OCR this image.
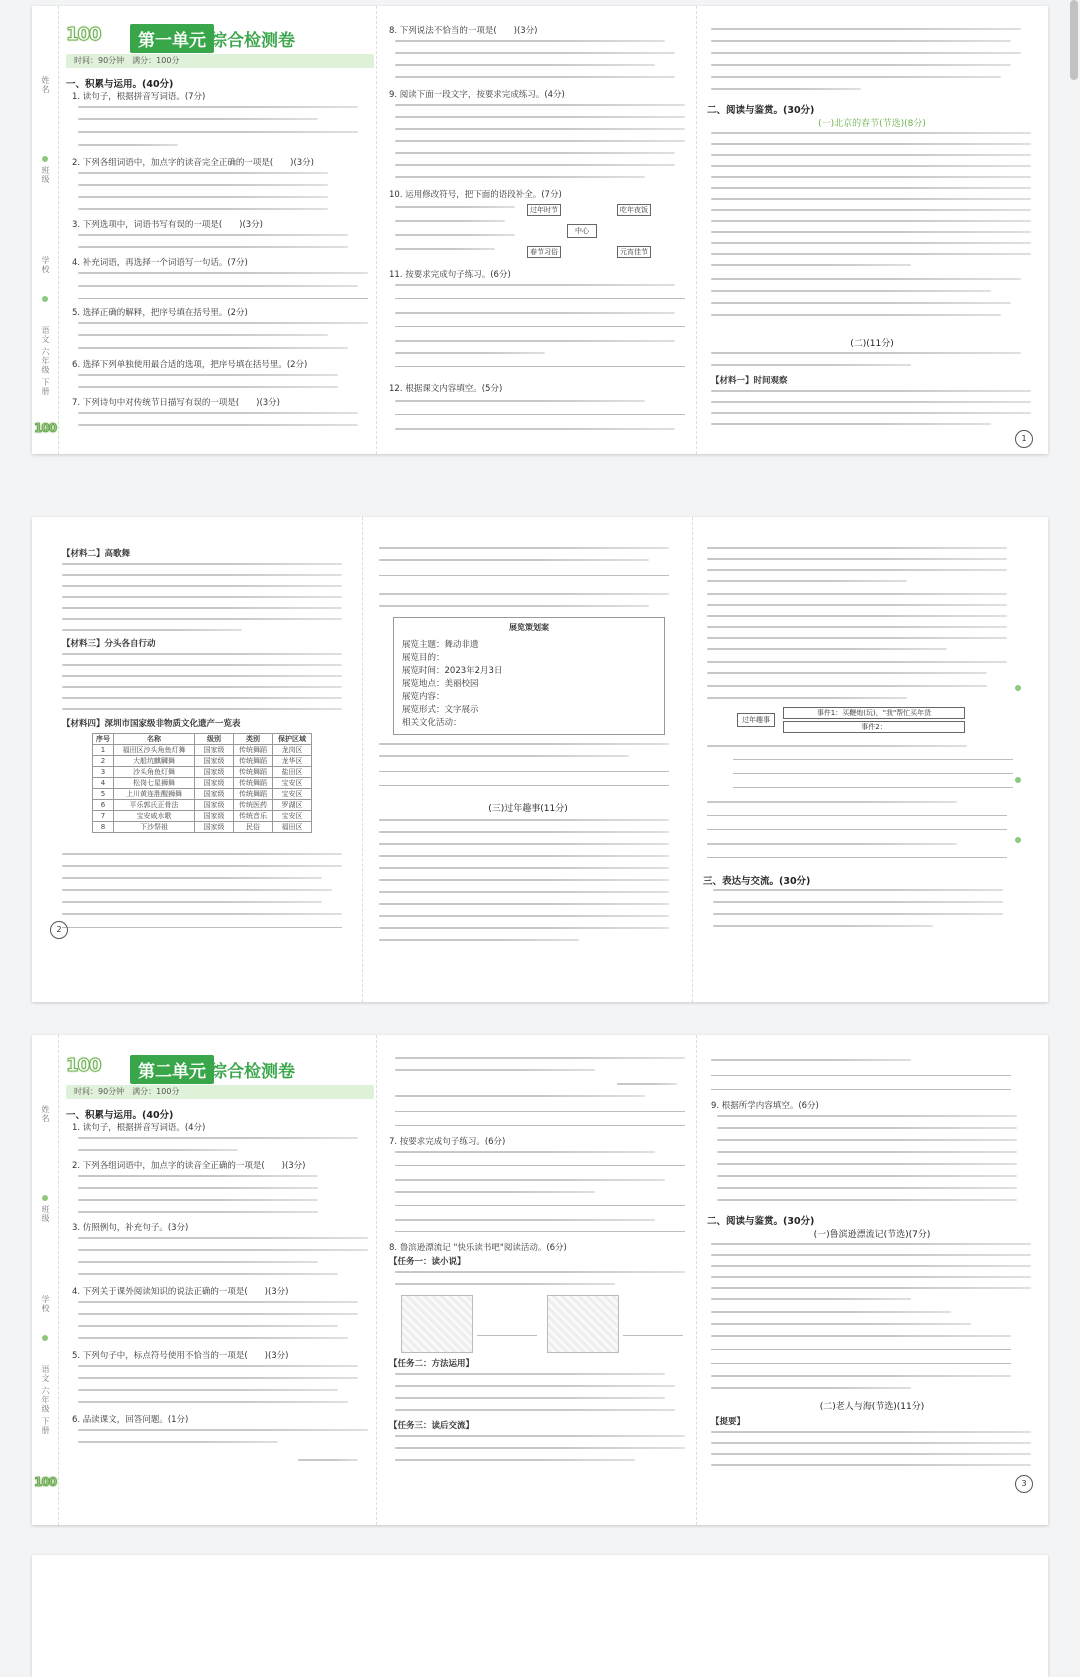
姓名
班级
学校
语文 六年级 下册
100
100	第一单元 综合检测卷
时间：90分钟　满分：100分
一、积累与运用。(40分)
1. 读句子，根据拼音写词语。(7分)
2. 下列各组词语中，加点字的读音完全正确的一项是(　　)(3分)
3. 下列选项中，词语书写有误的一项是(　　)(3分)
4. 补充词语，再选择一个词语写一句话。(7分)
5. 选择正确的解释，把序号填在括号里。(2分)
6. 选择下列单独使用最合适的选项，把序号填在括号里。(2分)
7. 下列诗句中对传统节日描写有误的一项是(　　)(3分)
8. 下列说法不恰当的一项是(　　)(3分)
9. 阅读下面一段文字，按要求完成练习。(4分)
10. 运用修改符号，把下面的语段补全。(7分)
中心
过年时节	吃年夜饭
春节习俗	元宵佳节
11. 按要求完成句子练习。(6分)
12. 根据课文内容填空。(5分)
二、阅读与鉴赏。(30分)
(一)北京的春节(节选)(8分)
(二)(11分)
【材料一】时间观察
1
【材料二】高歌舞
【材料三】分头各自行动
【材料四】深圳市国家级非物质文化遗产一览表
序号	名称	级别	类别	保护区域
1	福田区沙头角鱼灯舞	国家级	传统舞蹈	龙岗区
2	大船坑麒麟舞	国家级	传统舞蹈	龙华区
3	沙头角鱼灯舞	国家级	传统舞蹈	盐田区
4	松岗七星狮舞	国家级	传统舞蹈	宝安区
5	上川黄连胜醒狮舞	国家级	传统舞蹈	宝安区
6	平乐郭氏正骨法	国家级	传统医药	罗湖区
7	宝安咸水歌	国家级	传统音乐	宝安区
8	下沙祭祖	国家级	民俗	福田区
2
展览策划案
展览主题：舞动非遗
展览目的：
展览时间：2023年2月3日
展览地点：美丽校园
展览内容：
展览形式：文字展示
相关文化活动：
(三)过年趣事(11分)
过年趣事
事件1：买鞭炮(玩)，"我"帮忙买年货
事件2：
三、表达与交流。(30分)
姓名
班级
学校
语文 六年级 下册
100
100	第二单元 综合检测卷
时间：90分钟　满分：100分
一、积累与运用。(40分)
1. 读句子，根据拼音写词语。(4分)
2. 下列各组词语中，加点字的读音全正确的一项是(　　)(3分)
3. 仿照例句，补充句子。(3分)
4. 下列关于课外阅读知识的说法正确的一项是(　　)(3分)
5. 下列句子中，标点符号使用不恰当的一项是(　　)(3分)
6. 品读课文，回答问题。(1分)
7. 按要求完成句子练习。(6分)
8. 鲁滨逊漂流记 "快乐读书吧"阅读活动。(6分)
【任务一：读小说】
【任务二：方法运用】
【任务三：读后交流】
9. 根据所学内容填空。(6分)
二、阅读与鉴赏。(30分)
(一)鲁滨逊漂流记(节选)(7分)
(二)老人与海(节选)(11分)
【提要】
3
